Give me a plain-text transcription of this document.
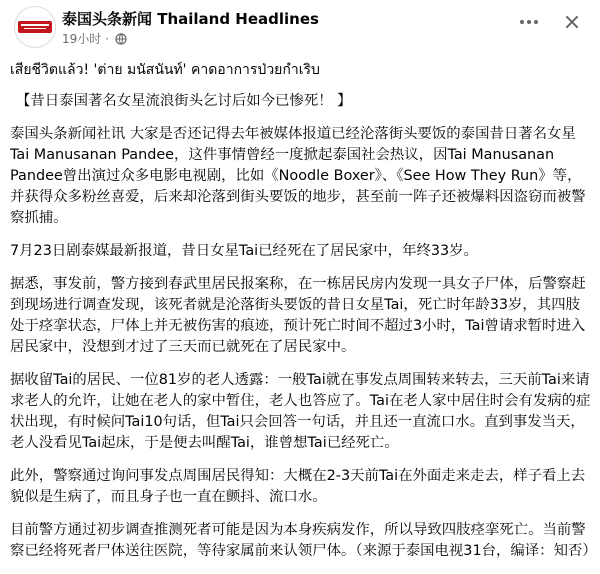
泰国头条新闻 Thailand Headlines
19小时 ·

เสียชีวิตแล้ว! 'ต่าย มนัสนันท์' คาดอาการป่วยกำเริบ

【昔日泰国著名女星流浪街头乞讨后如今已惨死！ 】

泰国头条新闻社讯 大家是否还记得去年被媒体报道已经沦落街头要饭的泰国昔日著名女星Tai Manusanan Pandee，这件事情曾经一度掀起泰国社会热议，因Tai Manusanan Pandee曾出演过众多电影电视剧，比如《Noodle Boxer》、《See How They Run》等，并获得众多粉丝喜爱，后来却沦落到街头要饭的地步，甚至前一阵子还被爆料因盗窃而被警察抓捕。

7月23日剧泰媒最新报道，昔日女星Tai已经死在了居民家中，年终33岁。

据悉，事发前，警方接到春武里居民报案称，在一栋居民房内发现一具女子尸体，后警察赶到现场进行调查发现，该死者就是沦落街头要饭的昔日女星Tai，死亡时年龄33岁，其四肢处于痉挛状态，尸体上并无被伤害的痕迹，预计死亡时间不超过3小时，Tai曾请求暂时进入居民家中，没想到才过了三天而已就死在了居民家中。

据收留Tai的居民、一位81岁的老人透露：一般Tai就在事发点周围转来转去，三天前Tai来请求老人的允许，让她在老人的家中暂住，老人也答应了。Tai在老人家中居住时会有发病的症状出现，有时候问Tai10句话，但Tai只会回答一句话，并且还一直流口水。直到事发当天，老人没看见Tai起床，于是便去叫醒Tai，谁曾想Tai已经死亡。

此外，警察通过询问事发点周围居民得知：大概在2-3天前Tai在外面走来走去，样子看上去貌似是生病了，而且身子也一直在颤抖、流口水。

目前警方通过初步调查推测死者可能是因为本身疾病发作，所以导致四肢痉挛死亡。当前警察已经将死者尸体送往医院，等待家属前来认领尸体。（来源于泰国电视31台，编译：知否）
